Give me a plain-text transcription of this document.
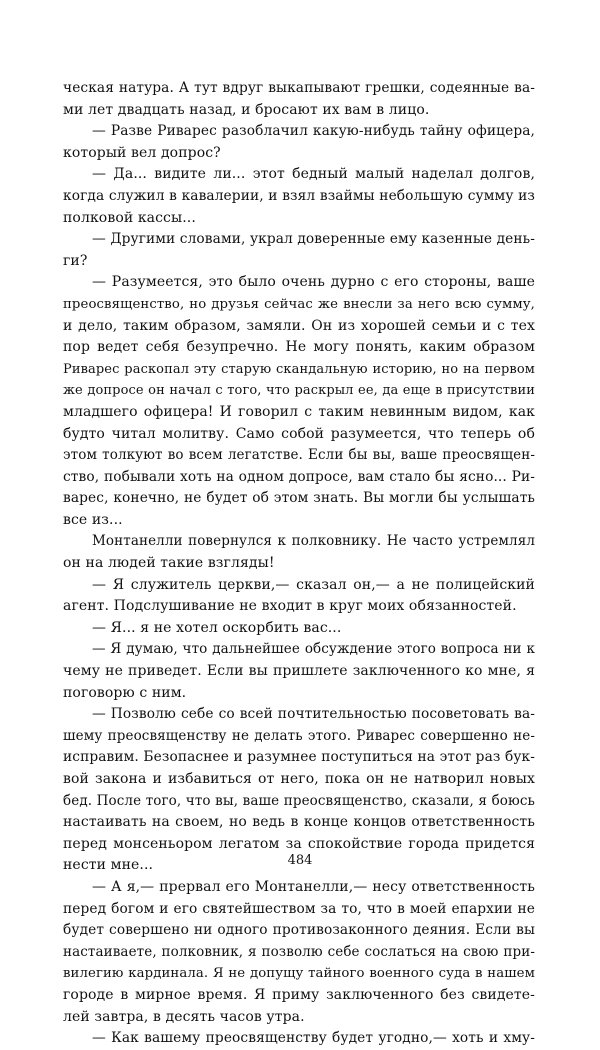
ческая натура. А тут вдруг выкапывают грешки, содеянные ва-
ми лет двадцать назад, и бросают их вам в лицо.
— Разве Риварес разоблачил какую-нибудь тайну офицера,
который вел допрос?
— Да... видите ли... этот бедный малый наделал долгов,
когда служил в кавалерии, и взял взаймы небольшую сумму из
полковой кассы...
— Другими словами, украл доверенные ему казенные день-
ги?
— Разумеется, это было очень дурно с его стороны, ваше
преосвященство, но друзья сейчас же внесли за него всю сумму,
и дело, таким образом, замяли. Он из хорошей семьи и с тех
пор ведет себя безупречно. Не могу понять, каким образом
Риварес раскопал эту старую скандальную историю, но на первом
же допросе он начал с того, что раскрыл ее, да еще в присутствии
младшего офицера! И говорил с таким невинным видом, как
будто читал молитву. Само собой разумеется, что теперь об
этом толкуют во всем легатстве. Если бы вы, ваше преосвящен-
ство, побывали хоть на одном допросе, вам стало бы ясно... Ри-
варес, конечно, не будет об этом знать. Вы могли бы услышать
все из...
Монтанелли повернулся к полковнику. Не часто устремлял
он на людей такие взгляды!
— Я служитель церкви,— сказал он,— а не полицейский
агент. Подслушивание не входит в круг моих обязанностей.
— Я... я не хотел оскорбить вас...
— Я думаю, что дальнейшее обсуждение этого вопроса ни к
чему не приведет. Если вы пришлете заключенного ко мне, я
поговорю с ним.
— Позволю себе со всей почтительностью посоветовать ва-
шему преосвященству не делать этого. Риварес совершенно не-
исправим. Безопаснее и разумнее поступиться на этот раз бук-
вой закона и избавиться от него, пока он не натворил новых
бед. После того, что вы, ваше преосвященство, сказали, я боюсь
настаивать на своем, но ведь в конце концов ответственность
перед монсеньором легатом за спокойствие города придется
нести мне...
— А я,— прервал его Монтанелли,— несу ответственность
перед богом и его святейшеством за то, что в моей епархии не
будет совершено ни одного противозаконного деяния. Если вы
настаиваете, полковник, я позволю себе сослаться на свою при-
вилегию кардинала. Я не допущу тайного военного суда в нашем
городе в мирное время. Я приму заключенного без свидете-
лей завтра, в десять часов утра.
— Как вашему преосвященству будет угодно,— хоть и хму-
484
